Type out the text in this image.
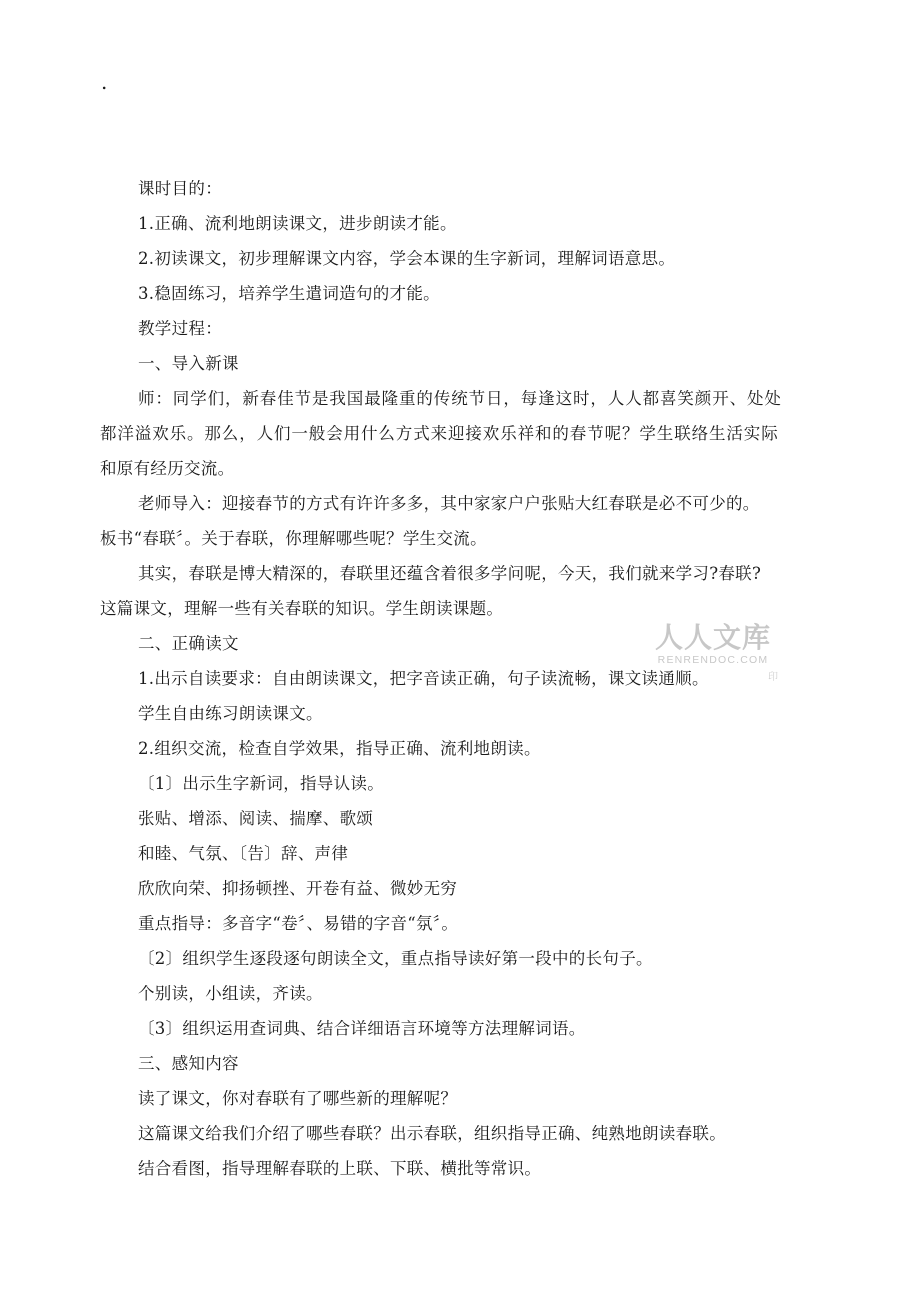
.
课时目的：
1.正确、流利地朗读课文，进步朗读才能。
2.初读课文，初步理解课文内容，学会本课的生字新词，理解词语意思。
3.稳固练习，培养学生遣词造句的才能。
教学过程：
一、导入新课
师：同学们，新春佳节是我国最隆重的传统节日，每逢这时，人人都喜笑颜开、处处
都洋溢欢乐。那么，人们一般会用什么方式来迎接欢乐祥和的春节呢？学生联络生活实际
和原有经历交流。
老师导入：迎接春节的方式有许许多多，其中家家户户张贴大红春联是必不可少的。
板书“春联〞。关于春联，你理解哪些呢？学生交流。
其实，春联是博大精深的，春联里还蕴含着很多学问呢，今天，我们就来学习?春联?
这篇课文，理解一些有关春联的知识。学生朗读课题。
二、正确读文
1.出示自读要求：自由朗读课文，把字音读正确，句子读流畅，课文读通顺。
学生自由练习朗读课文。
2.组织交流，检查自学效果，指导正确、流利地朗读。
〔1〕出示生字新词，指导认读。
张贴、增添、阅读、揣摩、歌颂
和睦、气氛、〔告〕辞、声律
欣欣向荣、抑扬顿挫、开卷有益、微妙无穷
重点指导：多音字“卷〞、易错的字音“氛〞。
〔2〕组织学生逐段逐句朗读全文，重点指导读好第一段中的长句子。
个别读，小组读，齐读。
〔3〕组织运用查词典、结合详细语言环境等方法理解词语。
三、感知内容
读了课文，你对春联有了哪些新的理解呢？
这篇课文给我们介绍了哪些春联？出示春联，组织指导正确、纯熟地朗读春联。
结合看图，指导理解春联的上联、下联、横批等常识。
人人文库
RENRENDOC.COM
印
